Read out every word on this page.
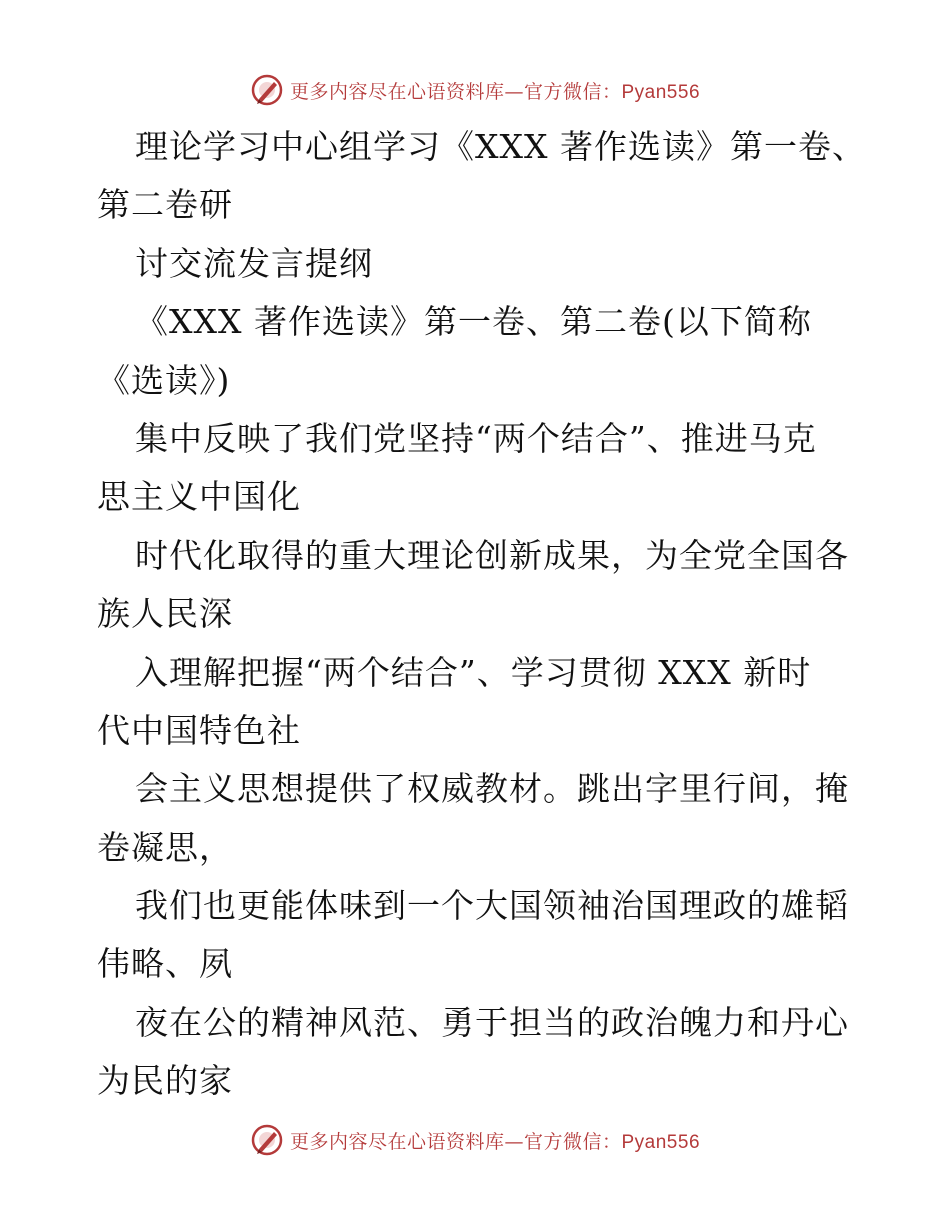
更多内容尽在心语资料库—官方微信：Pyan556
理论学习中心组学习《XXX 著作选读》第一卷、
第二卷研
讨交流发言提纲
《XXX 著作选读》第一卷、第二卷(以下简称
《选读》)
集中反映了我们党坚持“两个结合”、推进马克
思主义中国化
时代化取得的重大理论创新成果，为全党全国各
族人民深
入理解把握“两个结合”、学习贯彻 XXX 新时
代中国特色社
会主义思想提供了权威教材。跳出字里行间，掩
卷凝思，
我们也更能体味到一个大国领袖治国理政的雄韬
伟略、夙
夜在公的精神风范、勇于担当的政治魄力和丹心
为民的家
更多内容尽在心语资料库—官方微信：Pyan556
